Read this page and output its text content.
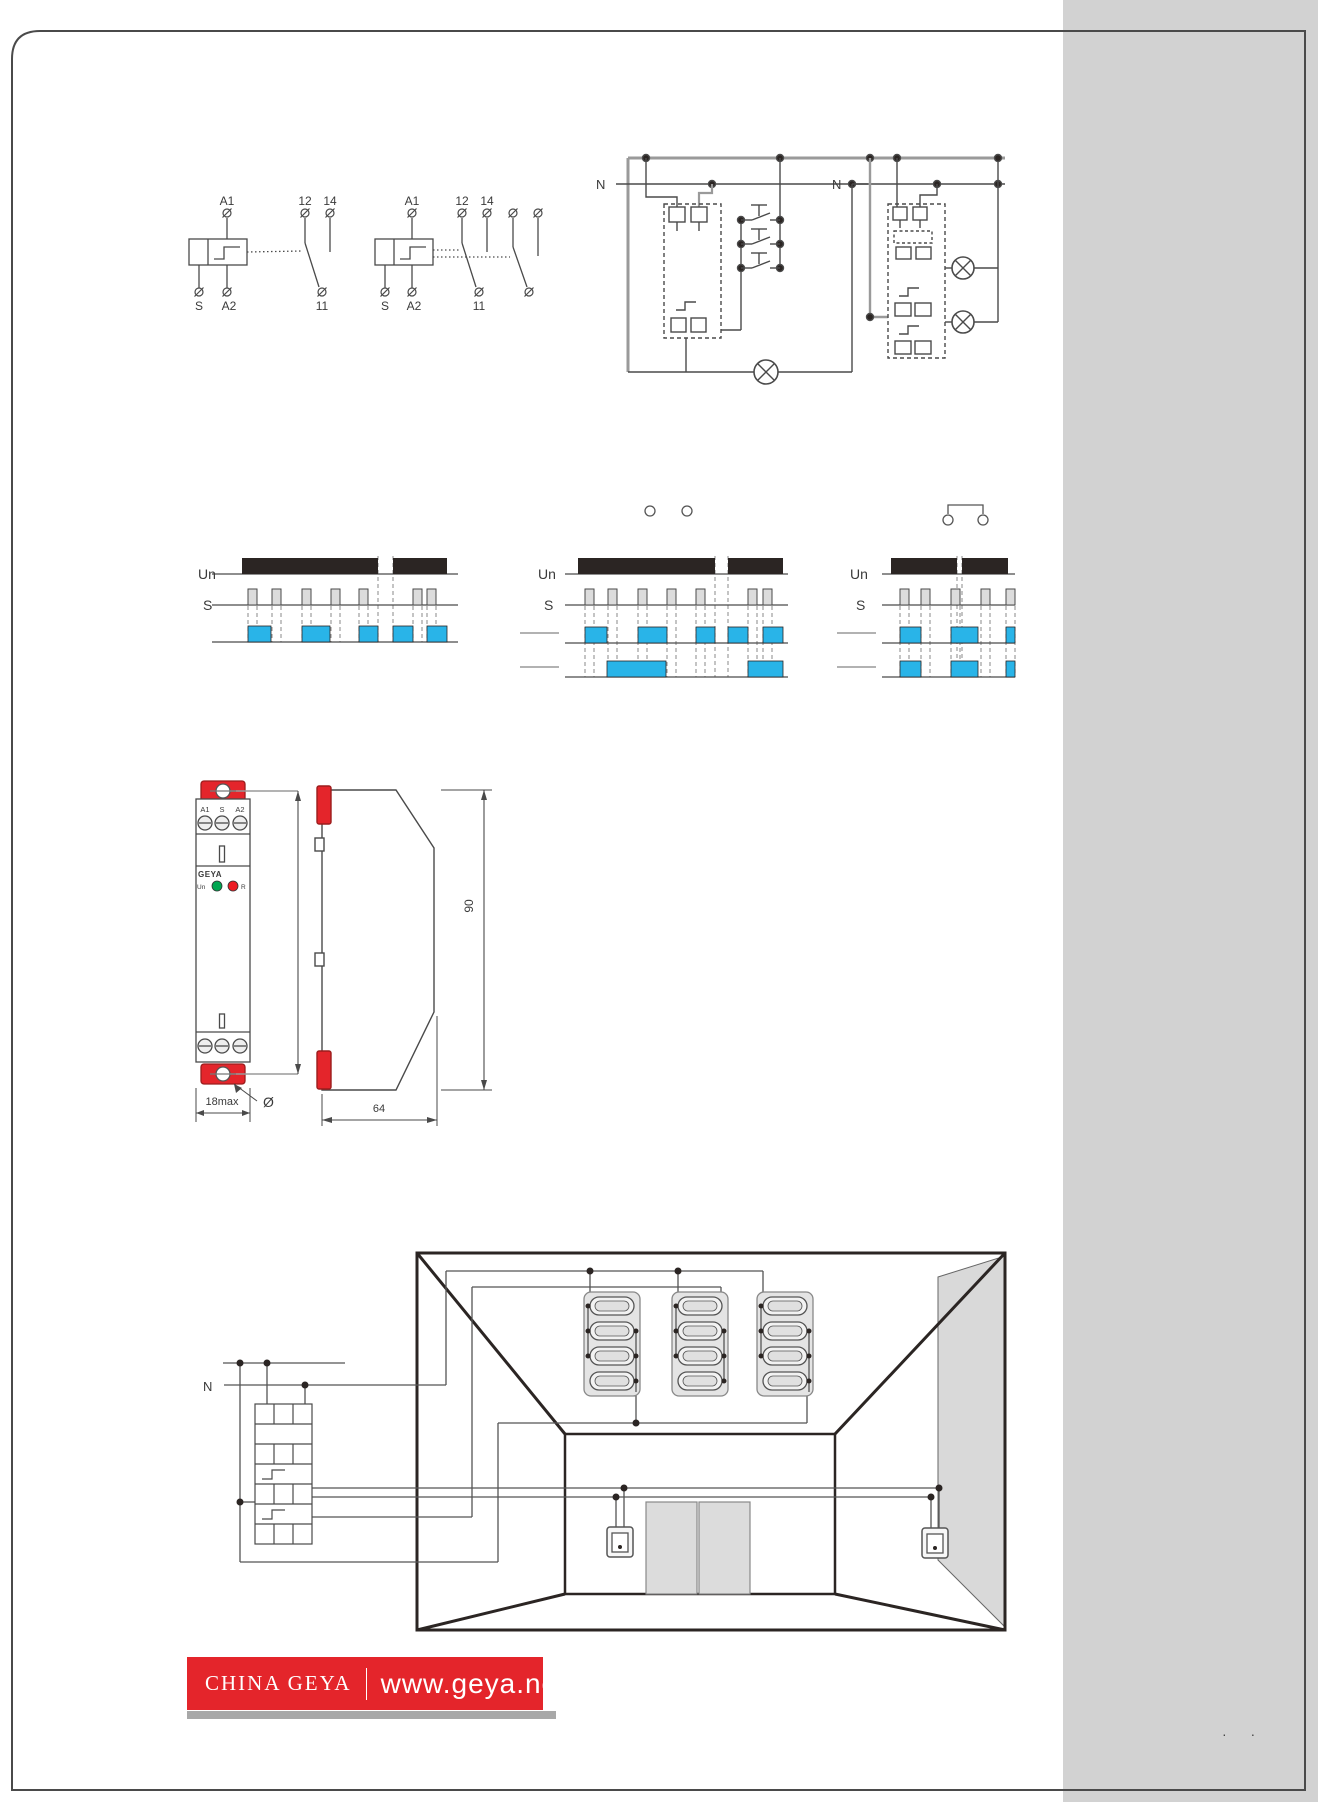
A1	12 14
S A2	11
A1	12 14
S A2	11
N	N
Un
S
Un
S
Un
S
A1 S A2
GEYA
Un	R
18max Ø
90
64
N
CHINA GEYA www.geya.net
· ·
